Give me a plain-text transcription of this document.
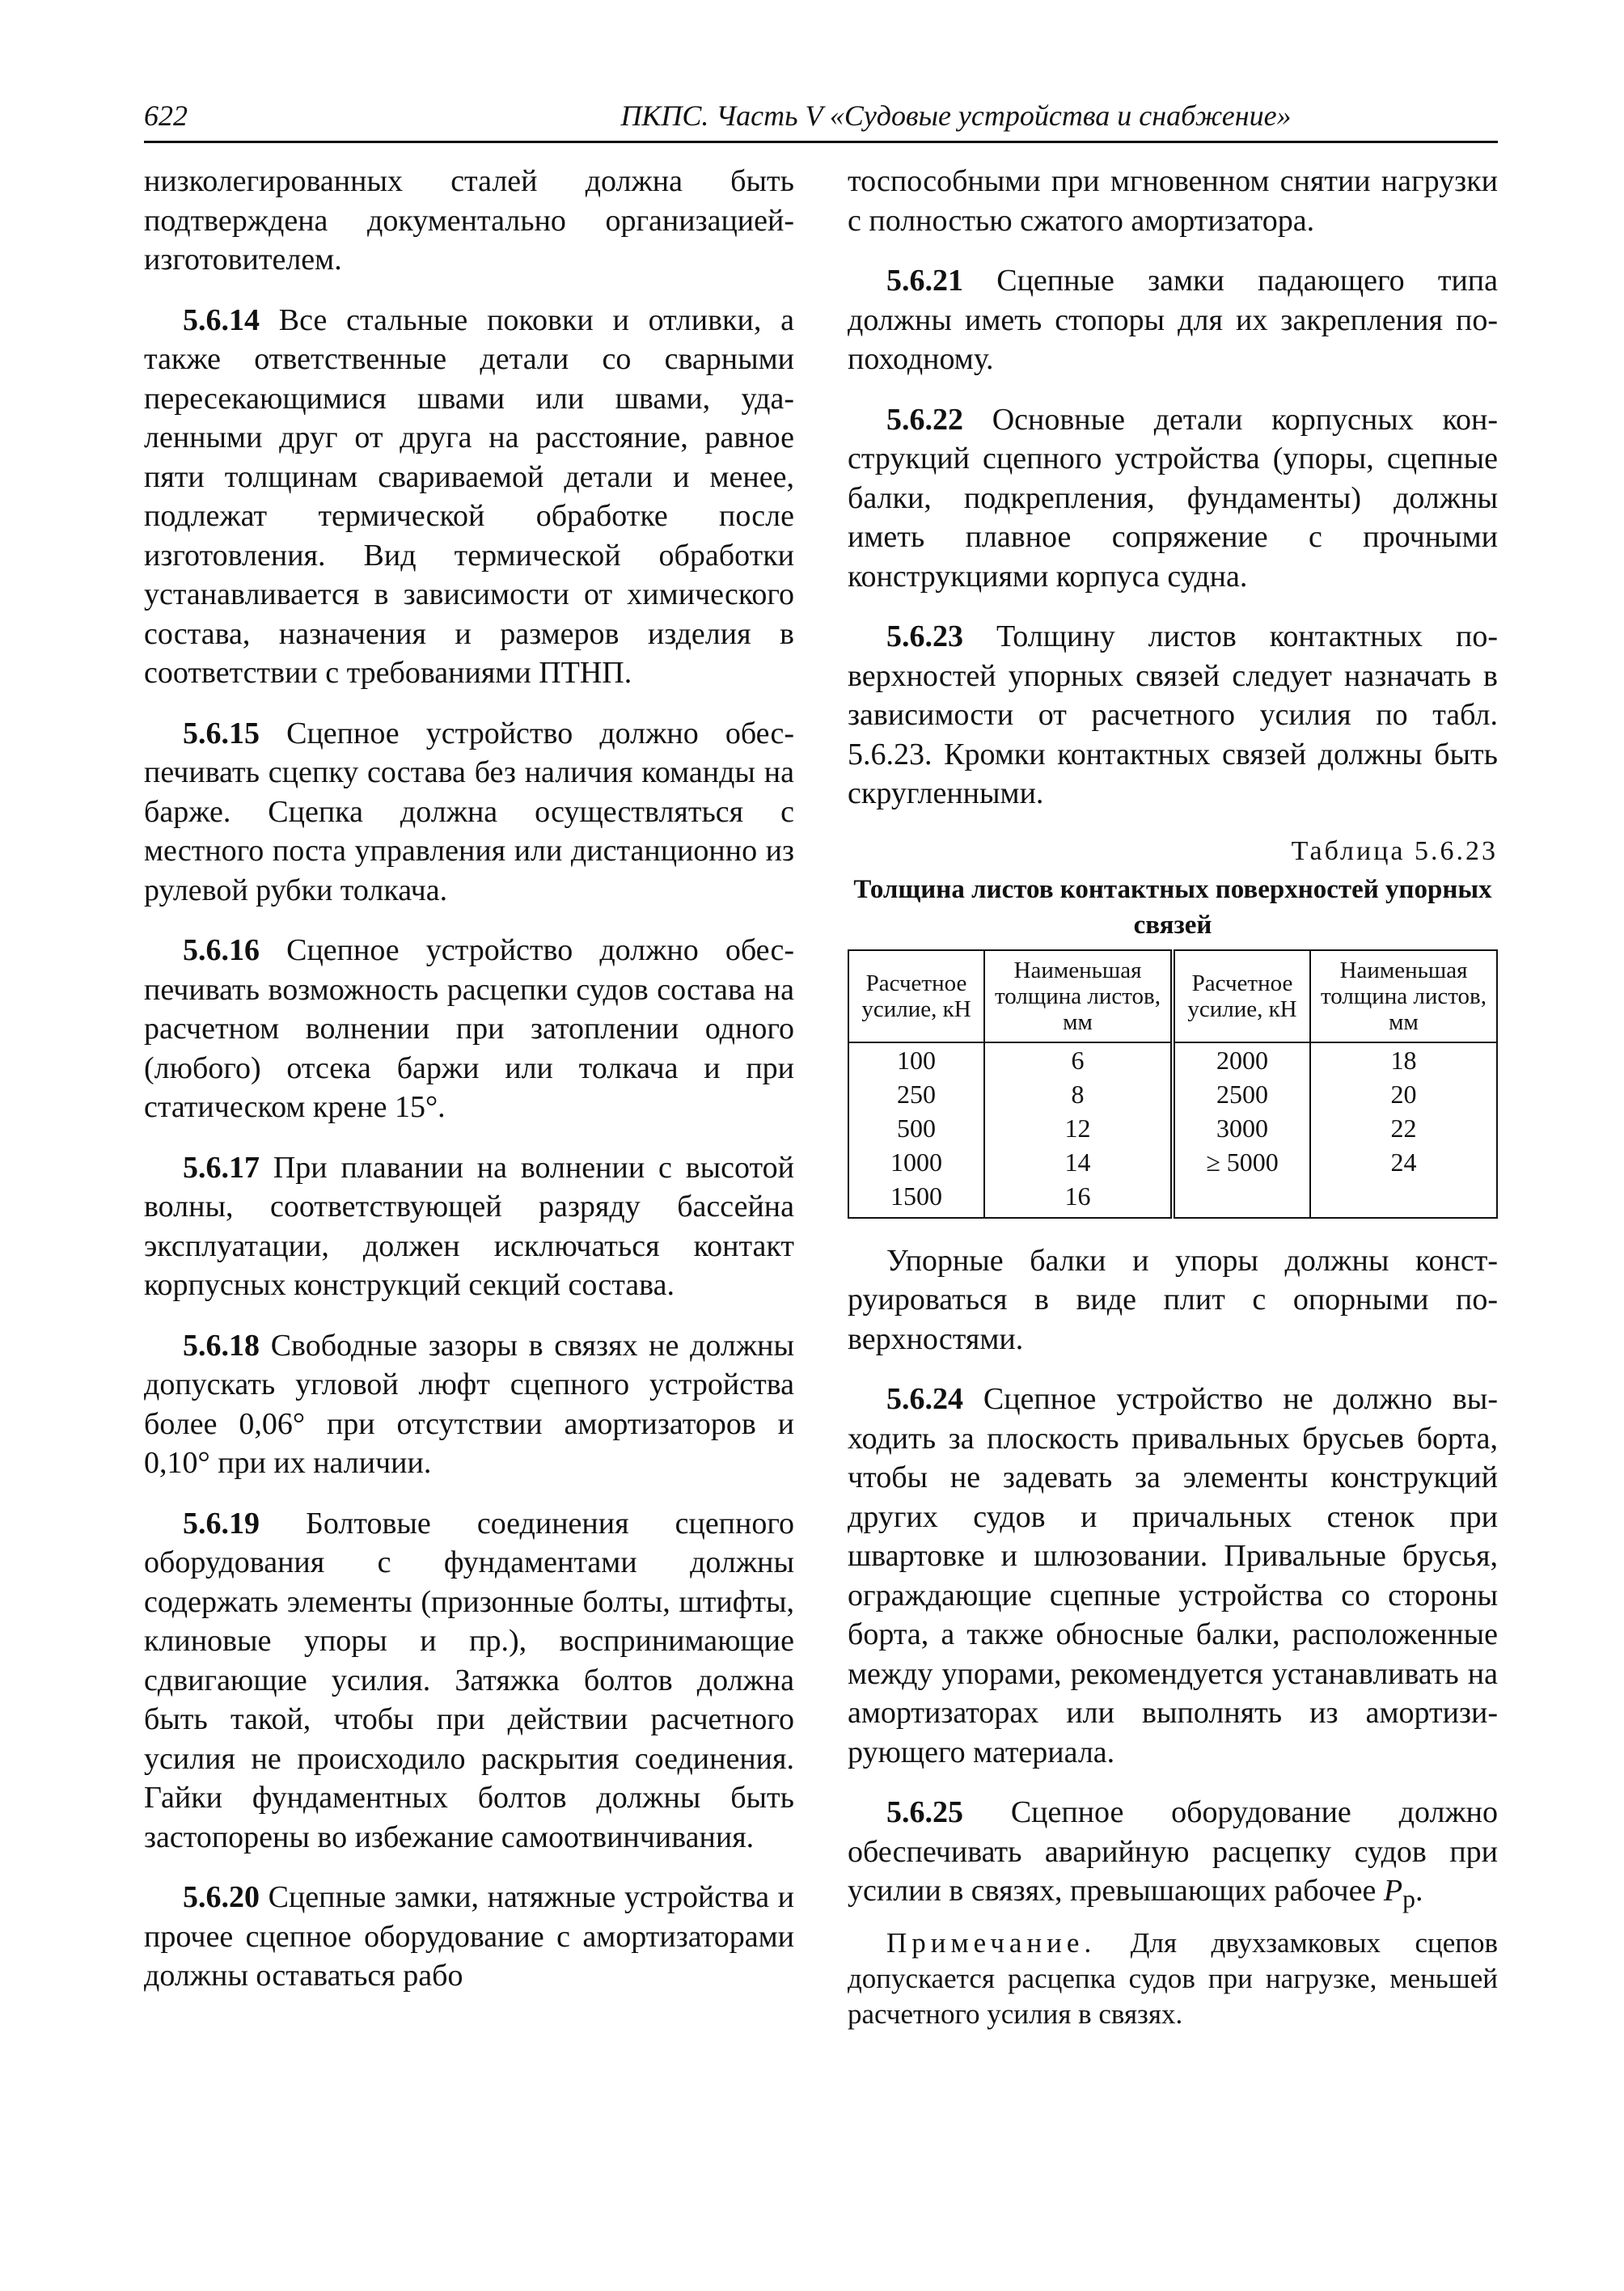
622	ПКПС. Часть V «Судовые устройства и снабжение»

низколегированных сталей должна быть подтверждена документально организацией-изготовителем.

5.6.14 Все стальные поковки и отливки, а также ответственные детали со сварными пересекающимися швами или швами, удаленными друг от друга на расстояние, равное пяти толщинам свариваемой детали и менее, подлежат термической обработке после изготовления. Вид термической обработки устанавливается в зависимости от химического состава, назначения и размеров изделия в соответствии с требованиями ПТНП.

5.6.15 Сцепное устройство должно обеспечивать сцепку состава без наличия команды на барже. Сцепка должна осуществляться с местного поста управления или дистанционно из рулевой рубки толкача.

5.6.16 Сцепное устройство должно обеспечивать возможность расцепки судов состава на расчетном волнении при затоплении одного (любого) отсека баржи или толкача и при статическом крене 15°.

5.6.17 При плавании на волнении с высотой волны, соответствующей разряду бассейна эксплуатации, должен исключаться контакт корпусных конструкций секций состава.

5.6.18 Свободные зазоры в связях не должны допускать угловой люфт сцепного устройства более 0,06° при отсутствии амортизаторов и 0,10° при их наличии.

5.6.19 Болтовые соединения сцепного оборудования с фундаментами должны содержать элементы (призонные болты, штифты, клиновые упоры и пр.), воспринимающие сдвигающие усилия. Затяжка болтов должна быть такой, чтобы при действии расчетного усилия не происходило раскрытия соединения. Гайки фундаментных болтов должны быть застопорены во избежание самоотвинчивания.

5.6.20 Сцепные замки, натяжные устройства и прочее сцепное оборудование с амортизаторами должны оставаться рабо

тоспособными при мгновенном снятии нагрузки с полностью сжатого амортизатора.

5.6.21 Сцепные замки падающего типа должны иметь стопоры для их закрепления по-походному.

5.6.22 Основные детали корпусных конструкций сцепного устройства (упоры, сцепные балки, подкрепления, фундаменты) должны иметь плавное сопряжение с прочными конструкциями корпуса судна.

5.6.23 Толщину листов контактных поверхностей упорных связей следует назначать в зависимости от расчетного усилия по табл. 5.6.23. Кромки контактных связей должны быть скругленными.

Таблица 5.6.23
Толщина листов контактных поверхностей упорных связей
Расчетное усилие, кН	Наименьшая толщина листов, мм	Расчетное усилие, кН	Наименьшая толщина листов, мм
100	6	2000	18
250	8	2500	20
500	12	3000	22
1000	14	≥ 5000	24
1500	16		

Упорные балки и упоры должны конструироваться в виде плит с опорными поверхностями.

5.6.24 Сцепное устройство не должно выходить за плоскость привальных брусьев борта, чтобы не задевать за элементы конструкций других судов и причальных стенок при швартовке и шлюзовании. Привальные брусья, ограждающие сцепные устройства со стороны борта, а также обносные балки, расположенные между упорами, рекомендуется устанавливать на амортизаторах или выполнять из амортизирующего материала.

5.6.25 Сцепное оборудование должно обеспечивать аварийную расцепку судов при усилии в связях, превышающих рабочее $P_р$.

Примечание. Для двухзамковых сцепов допускается расцепка судов при нагрузке, меньшей расчетного усилия в связях.
